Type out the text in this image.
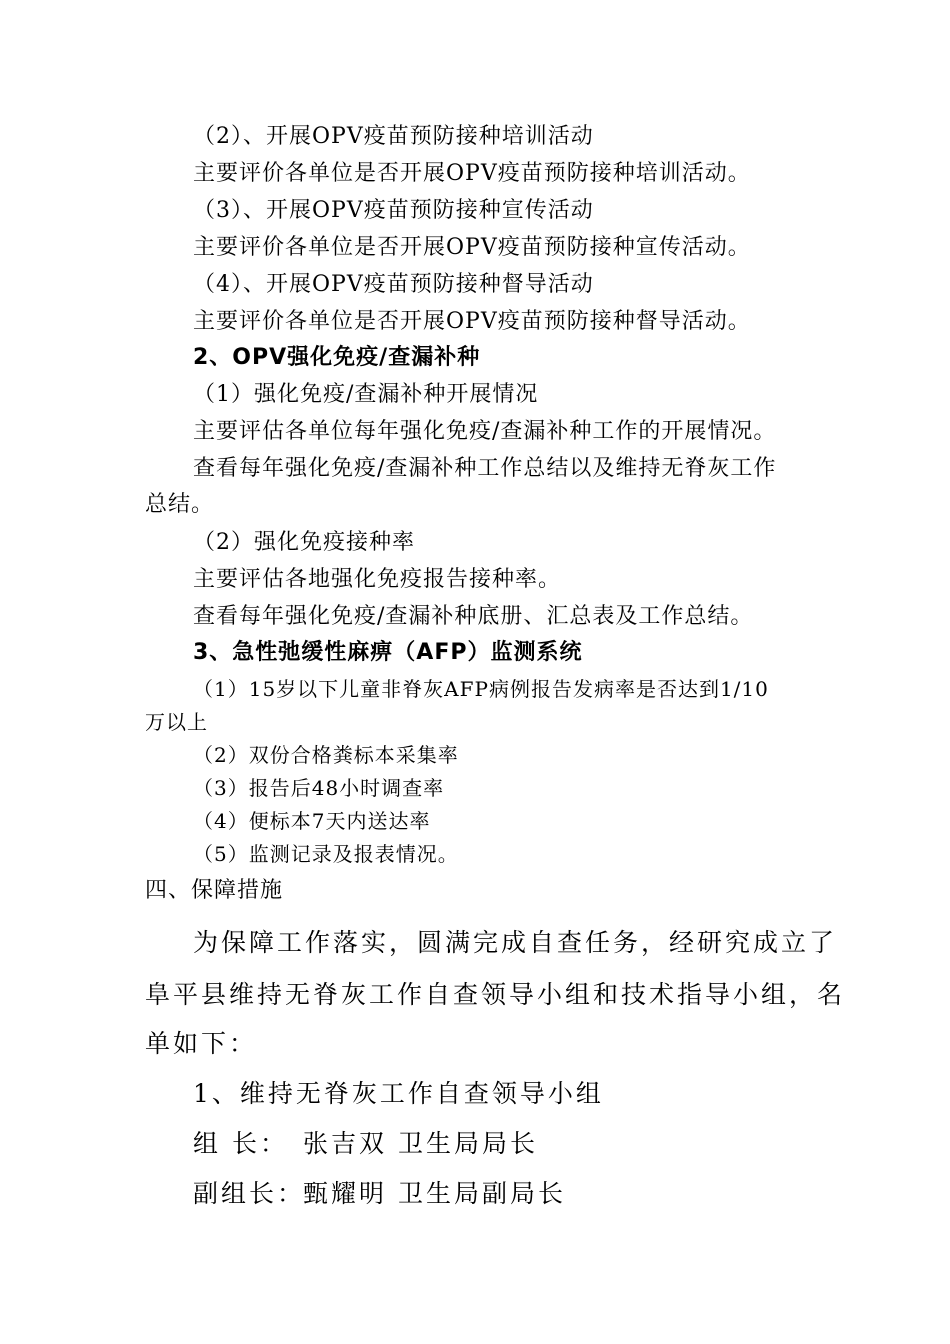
（2）、开展OPV疫苗预防接种培训活动
主要评价各单位是否开展OPV疫苗预防接种培训活动。
（3）、开展OPV疫苗预防接种宣传活动
主要评价各单位是否开展OPV疫苗预防接种宣传活动。
（4）、开展OPV疫苗预防接种督导活动
主要评价各单位是否开展OPV疫苗预防接种督导活动。
2、OPV强化免疫/查漏补种
（1）强化免疫/查漏补种开展情况
主要评估各单位每年强化免疫/查漏补种工作的开展情况。
查看每年强化免疫/查漏补种工作总结以及维持无脊灰工作
总结。
（2）强化免疫接种率
主要评估各地强化免疫报告接种率。
查看每年强化免疫/查漏补种底册、汇总表及工作总结。
3、急性弛缓性麻痹（AFP）监测系统
（1）15岁以下儿童非脊灰AFP病例报告发病率是否达到1/10
万以上
（2）双份合格粪标本采集率
（3）报告后48小时调查率
（4）便标本7天内送达率
（5）监测记录及报表情况。
四、保障措施
为保障工作落实，圆满完成自查任务，经研究成立了
阜平县维持无脊灰工作自查领导小组和技术指导小组，名
单如下：
1、维持无脊灰工作自查领导小组
组 长： 张吉双 卫生局局长
副组长：甄耀明 卫生局副局长
